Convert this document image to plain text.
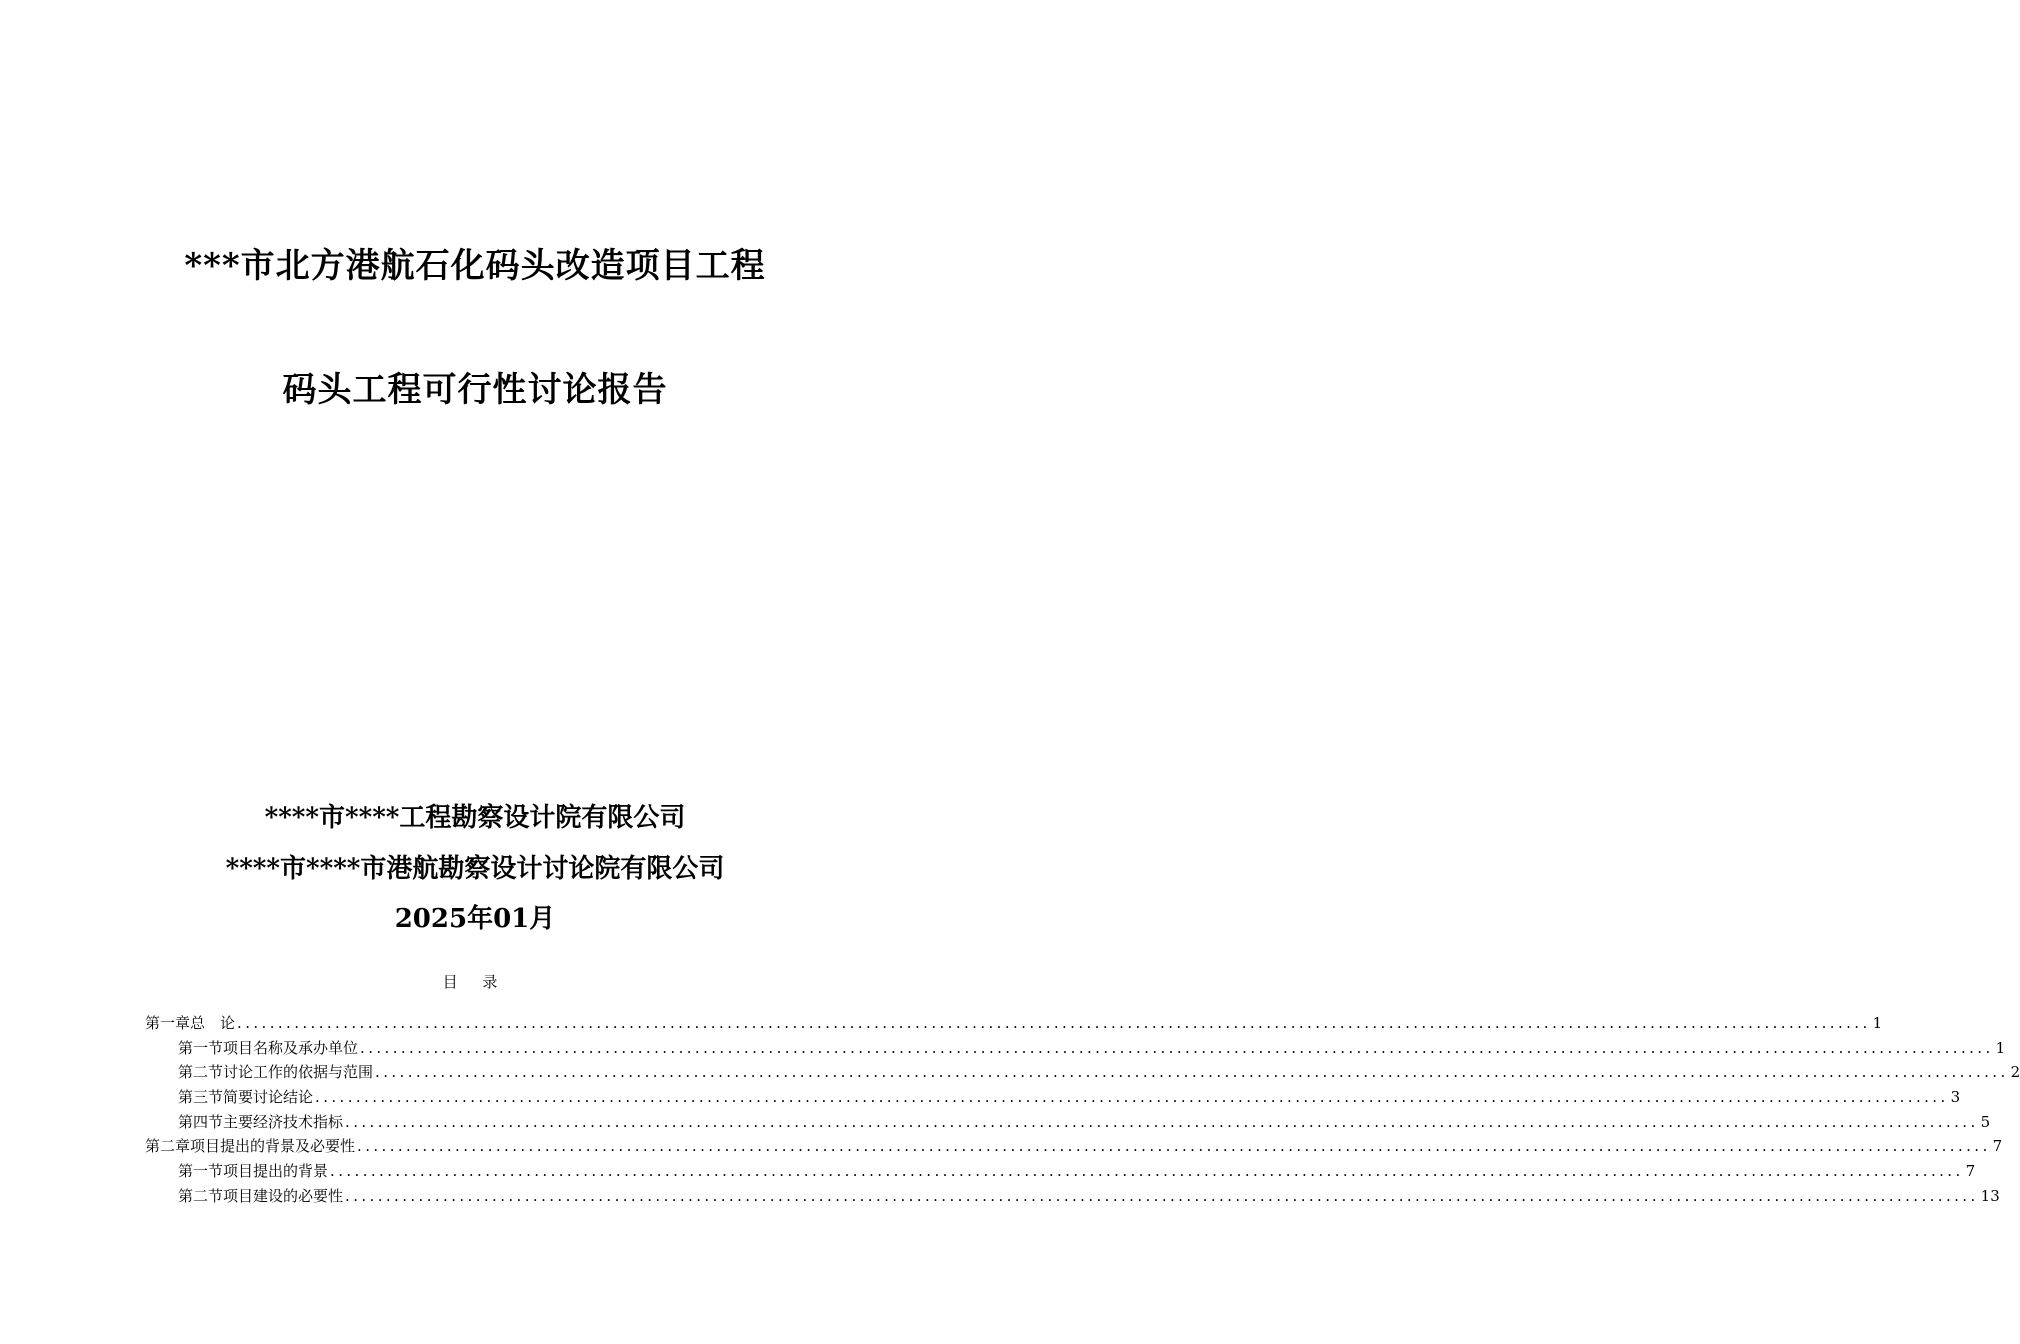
***市北方港航石化码头改造项目工程
码头工程可行性讨论报告
****市****工程勘察设计院有限公司
****市****市港航勘察设计讨论院有限公司
2025年01月
目 录
第一章 总　论 ........................................................................................................................................................................................................ 1
第一节 项目名称及承办单位 ........................................................................................................................................................................................................ 1
第二节 讨论工作的依据与范围 ........................................................................................................................................................................................................ 2
第三节 简要讨论结论 ........................................................................................................................................................................................................ 3
第四节 主要经济技术指标 ........................................................................................................................................................................................................ 5
第二章 项目提出的背景及必要性 ........................................................................................................................................................................................................ 7
第一节 项目提出的背景 ........................................................................................................................................................................................................ 7
第二节 项目建设的必要性 ........................................................................................................................................................................................................ 13
